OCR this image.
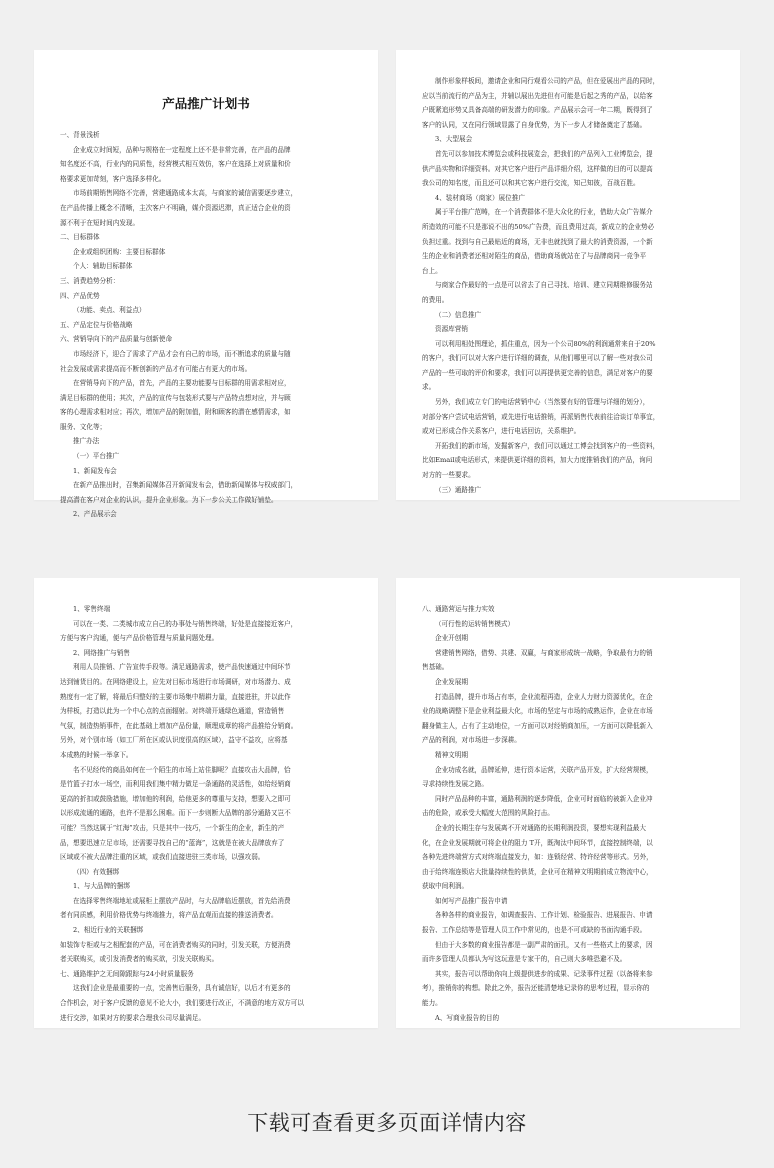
产品推广计划书
一、背景浅析
企业成立时间短，品种与规格在一定程度上还不是非常完善，在产品的品牌
知名度还不高，行业内的同质性，经营模式相互效仿，客户在选择上对质量和价
格要求更加苛刻，客户选择多样化。
市场前期销售网络不完善，营建通路成本太高，与商家的诚信需要逐步建立，
在产品传播上概念不清晰，主次客户不明确，媒介资源迟滞，真正适合企业的资
源不利于在短时间内发现。
二、目标群体
企业或组织团购：主要目标群体
个人：辅助目标群体
三、消费趋势分析：
四、产品优势
（功能、卖点、利益点）
五、产品定位与价格战略
六、营销导向下的产品质量与创新使命
市场经济下，迎合了需求了产品才会有自己的市场，而不断追求的质量与随
社会发展或需求提高而不断创新的产品才有可能占有更大的市场。
在营销导向下的产品，首先，产品的主要功能要与目标群的用需求相对应，
满足目标群的使用；其次，产品的宣传与包装形式要与产品特点想对应，并与顾
客的心理需求相对应；再次，增加产品的附加值，附和顾客的潜在感情需求，如
服务、文化等；
推广办法
（一）平台推广
1、新闻发布会
在新产品推出时，召集新闻媒体召开新闻发布会，借助新闻媒体与权威部门，
提高潜在客户对企业的认识，提升企业形象。为下一步公关工作做好铺垫。
2、产品展示会
制作形象样板间，邀请企业和同行观看公司的产品，但在爱展出产品的同时，
应以当前流行的产品为主，并辅以展出先进但有可能是后起之秀的产品，以给客
户既紧追形势又具备高端的研发潜力的印象。产品展示会可一年二期，既得到了
客户的认同，又在同行领域显露了自身优势，为下一步人才储备奠定了基础。
3、大型展会
首先可以参加技术博览会或科技展览会，把我们的产品列入工业博览会，提
供产品实物和详细资料。对其它客户进行产品详细介绍，这样做的目的可以提高
我公司的知名度，而且还可以和其它客户进行交流，知己知彼，百战百胜。
4、装材商场（商家）展位推广
属于平台推广范畴，在一个消费群体不是大众化的行业，借助大众广告媒介
所造效的可能不只是那说不出的50%广告费，而且费用过高，新成立的企业势必
负担过重。找到与自己最贴近的商场，无非也就找到了最大的消费资源，一个新
生的企业和消费者还相对陌生的商品，借助商场就站在了与品牌商同一竞争平
台上。
与商家合作最好的一点是可以省去了自己寻找、培训、建立同期维修服务站
的费用。
（二）信息推广
资源库营销
可以利用相处图理论，抓住重点，因为一个公司80%的利润通常来自于20%
的客户，我们可以对大客户进行详细的调查，从他们哪里可以了解一些对我公司
产品的一些可取的评价和要求，我们可以再提供更完善的信息，满足对客户的要
求。
另外，我们成立专门的电话营销中心（当然要有好的管理与详细的划分），
对部分客户尝试电话营销，或先进行电话推销，再派销售代表前往洽谈订单事宜，
或对已形成合作关系客户，进行电话回访，关系维护。
开拓我们的新市场，发掘新客户，我们可以通过工博会找到客户的一些资料，
比如Email或电话形式，来提供更详细的资料，加大力度推销我们的产品，询问
对方的一些要求。
（三）通路推广
1、零售终端
可以在一类、二类城市成立自己的办事处与销售终端，好处是直接接近客户，
方便与客户沟通，便与产品价格管理与质量问题处理。
2、网络推广与销售
利用人员推销、广告宣传手段等。满足通路需求，使产品快速通过中间环节
达到铺货目的。在网络建设上，应先对目标市场进行市场调研，对市场潜力、成
熟度有一定了解，将最后归整好的主要市场集中精耕力量，直接进驻，并以此作
为样板，打造以此为一个中心点的点面辐射。对终端开通绿色通道，营造销售
气氛，制造热销事件，在此基础上增加产品份量，顺理成章的将产品推给分销商。
另外，对个别市场（如工厂所在区或认识度很高的区域），益守不益攻，应将基
本成熟的时候一举拿下。
名不见经传的商品如何在一个陌生的市场上站住脚呢？直接攻击大品牌，恰
是竹篮子打水一场空，而利用我们集中精力做足一条通路的灵活性，如给经销商
更高的折扣或鼓励措施，增加他的利润，给他更多的尊重与支持，想要入之即可
以形成流通的通路，也许不是那么困难。而下一步则断大品牌的部分通路又岂不
可能？当然这属于“红海”攻击，只是其中一技巧，一个新生的企业，新生的产
品，想要迅速立足市场，还需要寻找自己的“蓝海”，这就是在被大品牌放弃了
区域或不被大品牌注重的区域，或我们直接进驻三类市场，以强攻弱。
（四）有效捆绑
1、与大品牌的捆绑
在选择零售终端地址或展柜上摆放产品时，与大品牌临近摆放，首先给消费
者有同质感，利用价格优势与终端推力，将产品直观而直接的推送消费者。
2、相近行业的关联捆绑
如装饰专柜或与之相配套的产品，可在消费者购买的同时，引发关联，方便消费
者关联购买，或引发消费者的购买欲，引发关联购买。
七、通路维护之无间隙跟踪与24小时质量服务
这我们企业是最重要的一点，完善售后服务，具有诚信好，以后才有更多的
合作机会，对于客户反馈的意见不论大小，我们要进行改正，不满意的地方双方可以
进行交涉，如果对方的要求合理我公司尽量满足。
八、通路营运与推力实效
（可行性的运转销售模式）
企业开创期
营建销售网络，借势、共建、双赢，与商家形成统一战略，争取最有力的销
售基础。
企业发展期
打造品牌，提升市场占有率，企业流程再造，企业人力财力资源优化，在企
业的战略调整下是企业利益最大化，市场的坚定与市场的成熟运作，企业在市场
翻身做主人，占有了主动地位，一方面可以对经销商加压，一方面可以降低新入
产品的利润，对市场进一步深耕。
精神文明期
企业功成名就，品牌延伸，进行资本运营，关联产品开发，扩大经营规模，
寻求持续性发展之路。
同时产品品种的丰富，通路利润的逐步降低，企业可时面临的被新入企业冲
击的危险，或承受大幅度大范围的风险打击。
企业的长期生存与发展离不开对通路的长期利润投资，要想实现利益最大
化，在企业发展期就可将企业的阻力 T开，既淘汰中间环节，直接控制终端，以
各种先进终端营方式对终端直接发力，如：连锁经营、特许经营等形式。另外，
由于给终端连锁店大批量持续性的供货，企业可在精神文明期前成立物流中心，
获取中间利润。
如何写产品推广报告申请
各种各样的商业报告，如调查报告、工作计划、检验报告、进展报告、申请
报告、工作总结等是管理人员工作中常见的，也是不可或缺的书面沟通手段。
但由于大多数的商业报告都是一副严肃的面孔，又有一些格式上的要求，因
而许多管理人员都认为写这玩意是专家干的，自己则大多唯恐避不及。
其实，报告可以帮助你向上级提供进步的成果、记录事件过程（以备将来参
考），推销你的构想。除此之外，报告还能清楚地记录你的思考过程，显示你的
能力。
A、写商业报告的目的
下载可查看更多页面详情内容
